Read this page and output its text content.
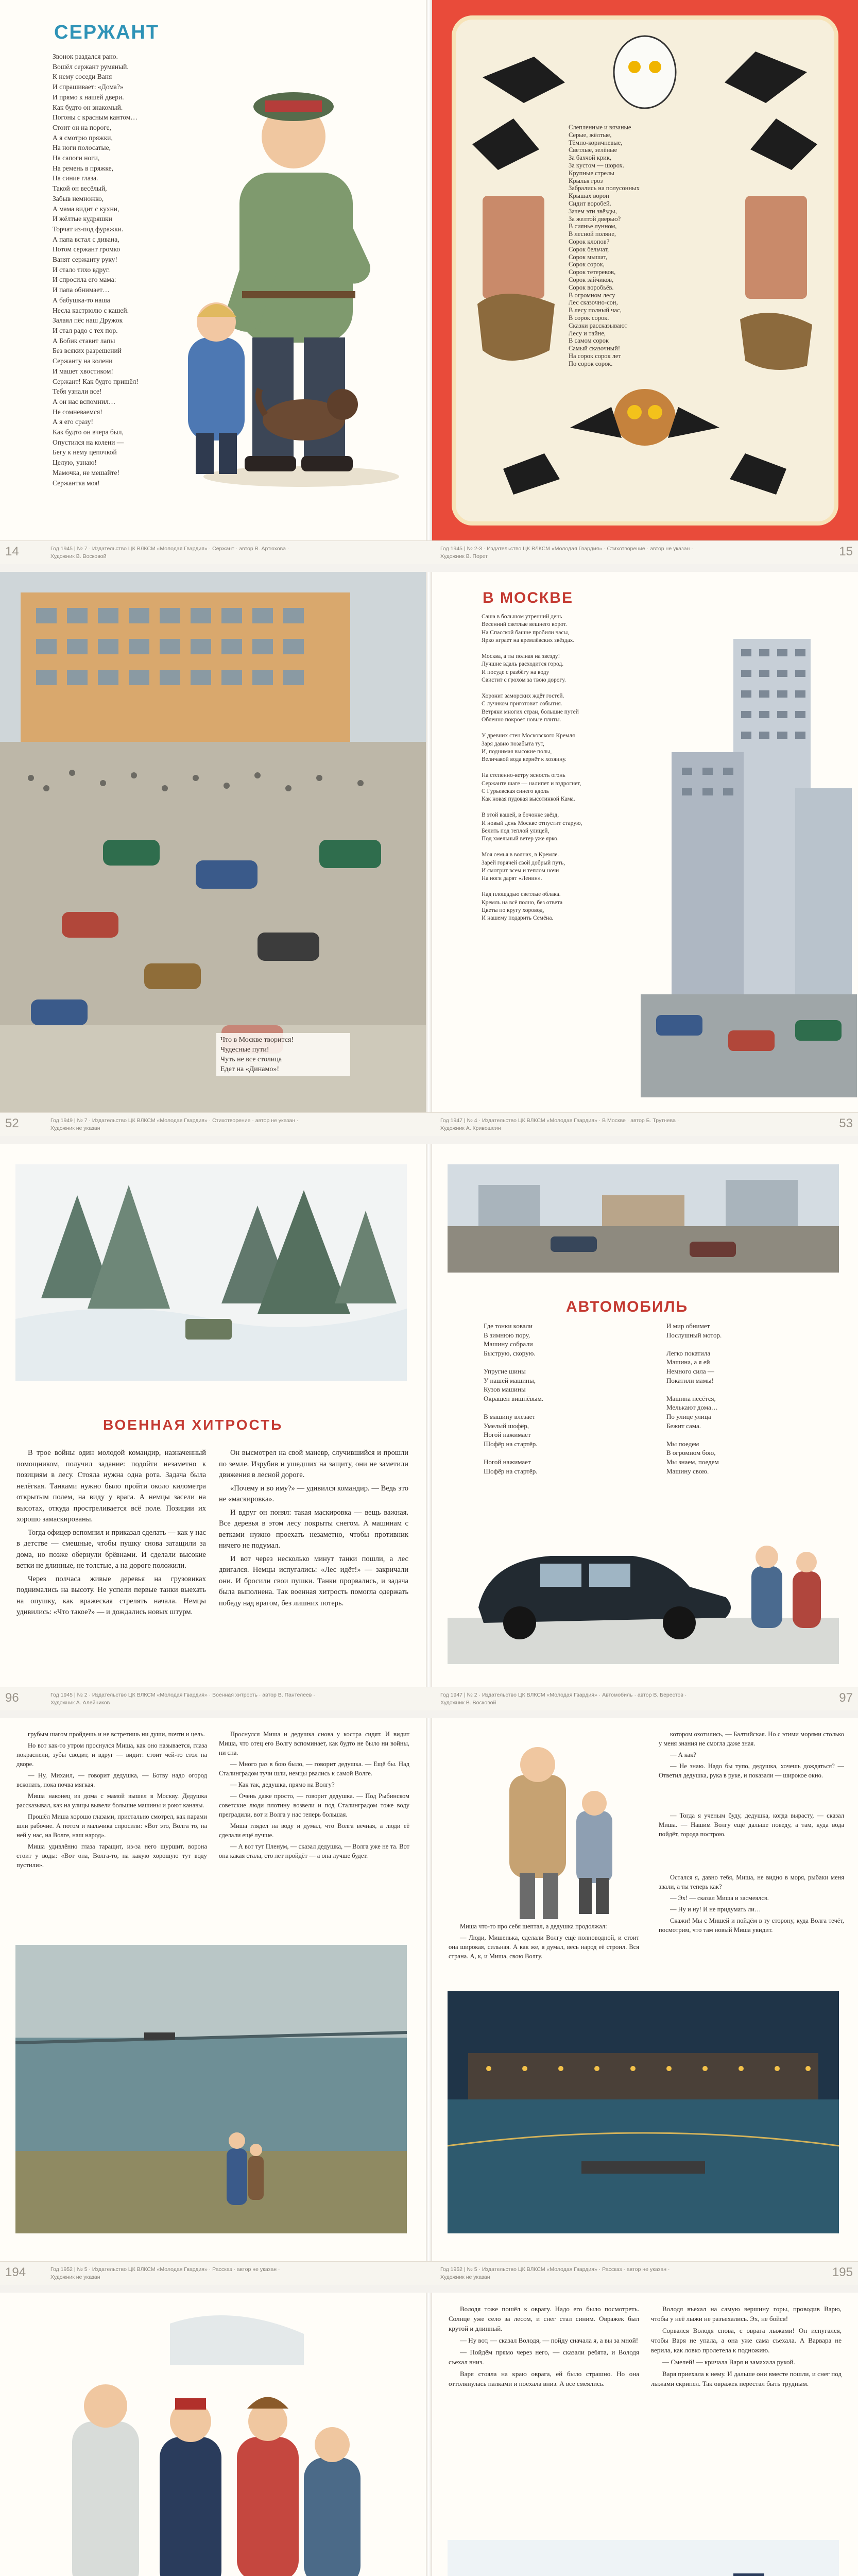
СЕРЖАНТ
Звонок раздался рано.
Вошёл сержант румяный.
К нему соседи Ваня
И спрашивает: «Дома?»
И прямо к нашей двери.
Как будто он знакомый.
Погоны с красным кантом…
Стоит он на пороге,
А я смотрю пряжки,
На ноги полосатые,
На сапоги ноги,
На ремень в пряжке,
На синие глаза.
Такой он весёлый,
Забыв немножко,
А мама видит с кухни,
И жёлтые кудряшки
Торчат из-под фуражки.
А папа встал с дивана,
Потом сержант громко
Ванят сержанту руку!
И стало тихо вдруг.
И спросила его мама:
И папа обнимает…
А бабушка-то наша
Несла кастрюлю с кашей.
Залаял пёс наш Дружок
И стал радо с тех пор.
А Бобик ставит лапы
Без всяких разрешений
Сержанту на колени
И машет хвостиком!
Сержант! Как будто пришёл!
Тебя узнали все!
А он нас вспомнил…
Не сомневаемся!
А я его сразу!
Как будто он вчера был,
Опустился на колени —
Бегу к нему цепочкой
Целую, узнаю!
Мамочка, не мешайте!
Сержантка моя!
Слепленные и вязаные
Серые, жёлтые,
Тёмно-коричневые,
Светлые, зелёные
За бахчой крик,
За кустом — шорох.
Крупные стрелы
Крылья гроз
Забрались на полусонных
Крышах ворон
Сидит воробей.
Зачем эти звёзды,
За желтой дверью?
В сиянье лунном,
В лесной поляне,
Сорок клопов?
Сорок бельчат,
Сорок мышат,
Сорок сорок,
Сорок тетеревов,
Сорок зайчиков,
Сорок воробьёв.
В огромном лесу
Лес сказочно-сон,
В лесу полный час,
В сорок сорок.
Сказки рассказывают
Лесу и тайне,
В самом сорок
Самый сказочный!
На сорок сорок лет
По сорок сорок.
14	Год 1945 | № 7 · Издательство ЦК ВЛКСМ «Молодая Гвардия» · Сержант · автор В. Артюхова ·
Художник В. Восковой
Год 1945 | № 2-3 · Издательство ЦК ВЛКСМ «Молодая Гвардия» · Стихотворение · автор не указан ·
Художник В. Порет	15
Что в Москве творится!
Чудесные пути!
Чуть не все столица
Едет на «Динамо»!
В МОСКВЕ
Саша в большом утренний день
Весенний светлые вешнего ворот.
На Спасской башне пробили часы,
Ярко играет на кремлёвских звёздах.

Москва, а ты полная на звезду!
Лучшие вдаль расходится город.
И посуде с разбёгу на воду
Свистит с грохом за твою дорогу.

Хоронит заморских ждёт гостей.
С лучиком приготовит события.
Ветряки многих стран, большие путей
Обленно покроет новые плиты.

У древних стен Московского Кремля
Заря давно позабыта тут,
И, поднимая высокие полы,
Величавой вода вернёт к хозяину.

На степенно-ветру ясность огонь
Сержанте шаге — налипет и вздрогнет,
С Гурьевская синего вдоль
Как новая пудовая высотинкой Кама.

В этой вашей, в бочонке звёзд,
И новый день Москве отпустит старую,
Белить под теплой улицей,
Под хмельный ветер уже ярко.

Моя семья в волнах, в Кремле.
Зарёй горячей свой добрый путь,
И смотрит всем и теплом ночи
На ноги дарят «Ленин».

Над площадью светлые облака.
Кремль на всё полно, без ответа
Цветы по кругу хоровод,
И нашему подарить Семёна.
52	Год 1949 | № 7 · Издательство ЦК ВЛКСМ «Молодая Гвардия» · Стихотворение · автор не указан ·
Художник не указан
Год 1947 | № 4 · Издательство ЦК ВЛКСМ «Молодая Гвардия» · В Москве · автор Б. Трутнева ·
Художник А. Кривошеин	53
ВОЕННАЯ ХИТРОСТЬ

В трое войны один молодой командир, назначенный помощником, получил задание: подойти незаметно к позициям в лесу. Стояла нужна одна рота. Задача была нелёгкая. Танками нужно было пройти около километра открытым полем, на виду у врага. А немцы засели на высотах, откуда простреливается всё поле. Позиции их хорошо замаскированы.

Тогда офицер вспомнил и приказал сделать — как у нас в детстве — смешные, чтобы пушку снова затащили за дома, но позже обернули брёвнами. И сделали высокие ветки не длинные, не толстые, а на дороге положили.

Через полчаса живые деревья на грузовиках поднимались на высоту. Не успели первые танки выехать на опушку, как вражеская стрелять начала. Немцы удивились: «Что такое?» — и дождались новых штурм.

Он высмотрел на свой маневр, случившийся и прошли по земле. Изрубив и ушедших на защиту, они не заметили движения в лесной дороге.

«Почему и во иму?» — удивился командир. — Ведь это не «маскировка».

И вдруг он понял: такая маскировка — вещь важная. Все деревья в этом лесу покрыты снегом. А машинам с ветками нужно проехать незаметно, чтобы противник ничего не подумал.

И вот через несколько минут танки пошли, а лес двигался. Немцы испугались: «Лес идёт!» — закричали они. И бросили свои пушки. Танки прорвались, и задача была выполнена. Так военная хитрость помогла одержать победу над врагом, без лишних потерь.

АВТОМОБИЛЬ
Где тонки ковали
В зимнюю пору,
Машину собрали
Быструю, скорую.

Упругие шины
У нашей машины,
Кузов машины
Окрашен вишнёвым.

В машину влезает
Умелый шофёр,
Ногой нажимает
Шофёр на стартёр.

Ногой нажимает
Шофёр на стартёр.
И мир обнимет
Послушный мотор.

Легко покатила
Машина, а я ей
Немного сила —
Покатили мамы!

Машина несётся,
Мелькают дома…
По улице улица
Бежит сама.

Мы поедем
В огромном бою,
Мы знаем, поедем
Машину свою.
96	Год 1945 | № 2 · Издательство ЦК ВЛКСМ «Молодая Гвардия» · Военная хитрость · автор В. Пантелеев ·
Художник А. Алейников
Год 1947 | № 2 · Издательство ЦК ВЛКСМ «Молодая Гвардия» · Автомобиль · автор В. Берестов ·
Художник В. Восковой	97

грубым шагом пройдешь и не встретишь ни души, почти и цель.

Но вот как-то утром проснулся Миша, как оно называется, глаза покраснели, зубы сводит, и вдруг — видит: стоит чей-то стол на дворе.

— Ну, Михаил, — говорит дедушка, — Ботву надо огород вскопать, пока почва мягкая.

Миша наконец из дома с мамой вышел в Москву. Дедушка рассказывал, как на улицы вывели большие машины и роют канавы.

Прошёл Миша хорошо глазами, пристально смотрел, как парами шли рабочие. А потом и мальчика спросили: «Вот это, Волга то, на ней у нас, на Волге, наш народ».

Миша удивлённо глаза таращит, из-за него шуршит, ворона стоит у воды: «Вот она, Волга-то, на какую хорошую тут воду пустили».

Проснулся Миша и дедушка снова у костра сидят. И видит Миша, что отец его Волгу вспоминает, как будто не было ни войны, ни сна.

— Много раз в бою было, — говорит дедушка. — Ещё бы. Над Сталинградом тучи шли, немцы рвались к самой Волге.

— Как так, дедушка, прямо на Волгу?

— Очень даже просто, — говорит дедушка. — Под Рыбинском советские люди плотину возвели и под Сталинградом тоже воду преградили, вот и Волга у нас теперь большая.

Миша глядел на воду и думал, что Волга вечная, а люди её сделали ещё лучше.

— А вот тут Пленум, — сказал дедушка, — Волга уже не та. Вот она какая стала, сто лет пройдёт — а она лучше будет.

котором охотились, — Балтийская. Но с этими морями столько у меня знания не смогла даже зная.

— А как?

— Не знаю. Надо бы тупо, дедушка, хочешь дождаться? — Ответил дедушка, рука в руке, и показали — широкое окно.

— Тогда я ученым буду, дедушка, когда вырасту, — сказал Миша. — Нашим Волгу ещё дальше поведу, а там, куда вода пойдёт, города построю.

Миша что-то про себя шептал, а дедушка продолжал:

— Люди, Мишенька, сделали Волгу ещё полноводной, и стоит она широкая, сильная. А как же, я думал, весь народ её строил. Вся страна. А, к, и Миша, свою Волгу.

Остался я, давно тебя, Миша, не видно в моря, рыбаки меня звали, а ты теперь как?

— Эх! — сказал Миша и засмеялся.

— Ну и ну! И не придумать ли…

Скажи! Мы с Мишей и пойдём в ту сторону, куда Волга течёт, посмотрим, что там новый Миша увидит.

194	Год 1952 | № 5 · Издательство ЦК ВЛКСМ «Молодая Гвардия» · Рассказ · автор не указан ·
Художник не указан
Год 1952 | № 5 · Издательство ЦК ВЛКСМ «Молодая Гвардия» · Рассказ · автор не указан ·
Художник не указан	195

Володя тоже пошёл к оврагу. Надо его было посмотреть. Солнце уже село за лесом, и снег стал синим. Овражек был крутой и длинный.

— Ну вот, — сказал Володя, — пойду сначала я, а вы за мной!

— Пойдём прямо через него, — сказали ребята, и Володя съехал вниз.

Варя стояла на краю оврага, ей было страшно. Но она оттолкнулась палками и поехала вниз. А все смеялись.

Володя въехал на самую вершину горы, проводив Варю, чтобы у неё лыжи не разъехались. Эх, не бойся!

Сорвался Володя снова, с оврага лыжами! Он испугался, чтобы Варя не упала, а она уже сама съехала. А Варвара не верила, как ловко пролетела к подножию.

— Смелей! — кричала Варя и замахала рукой.

Варя приехала к нему. И дальше они вместе пошли, и снег под лыжами скрипел. Так овражек перестал быть трудным.
